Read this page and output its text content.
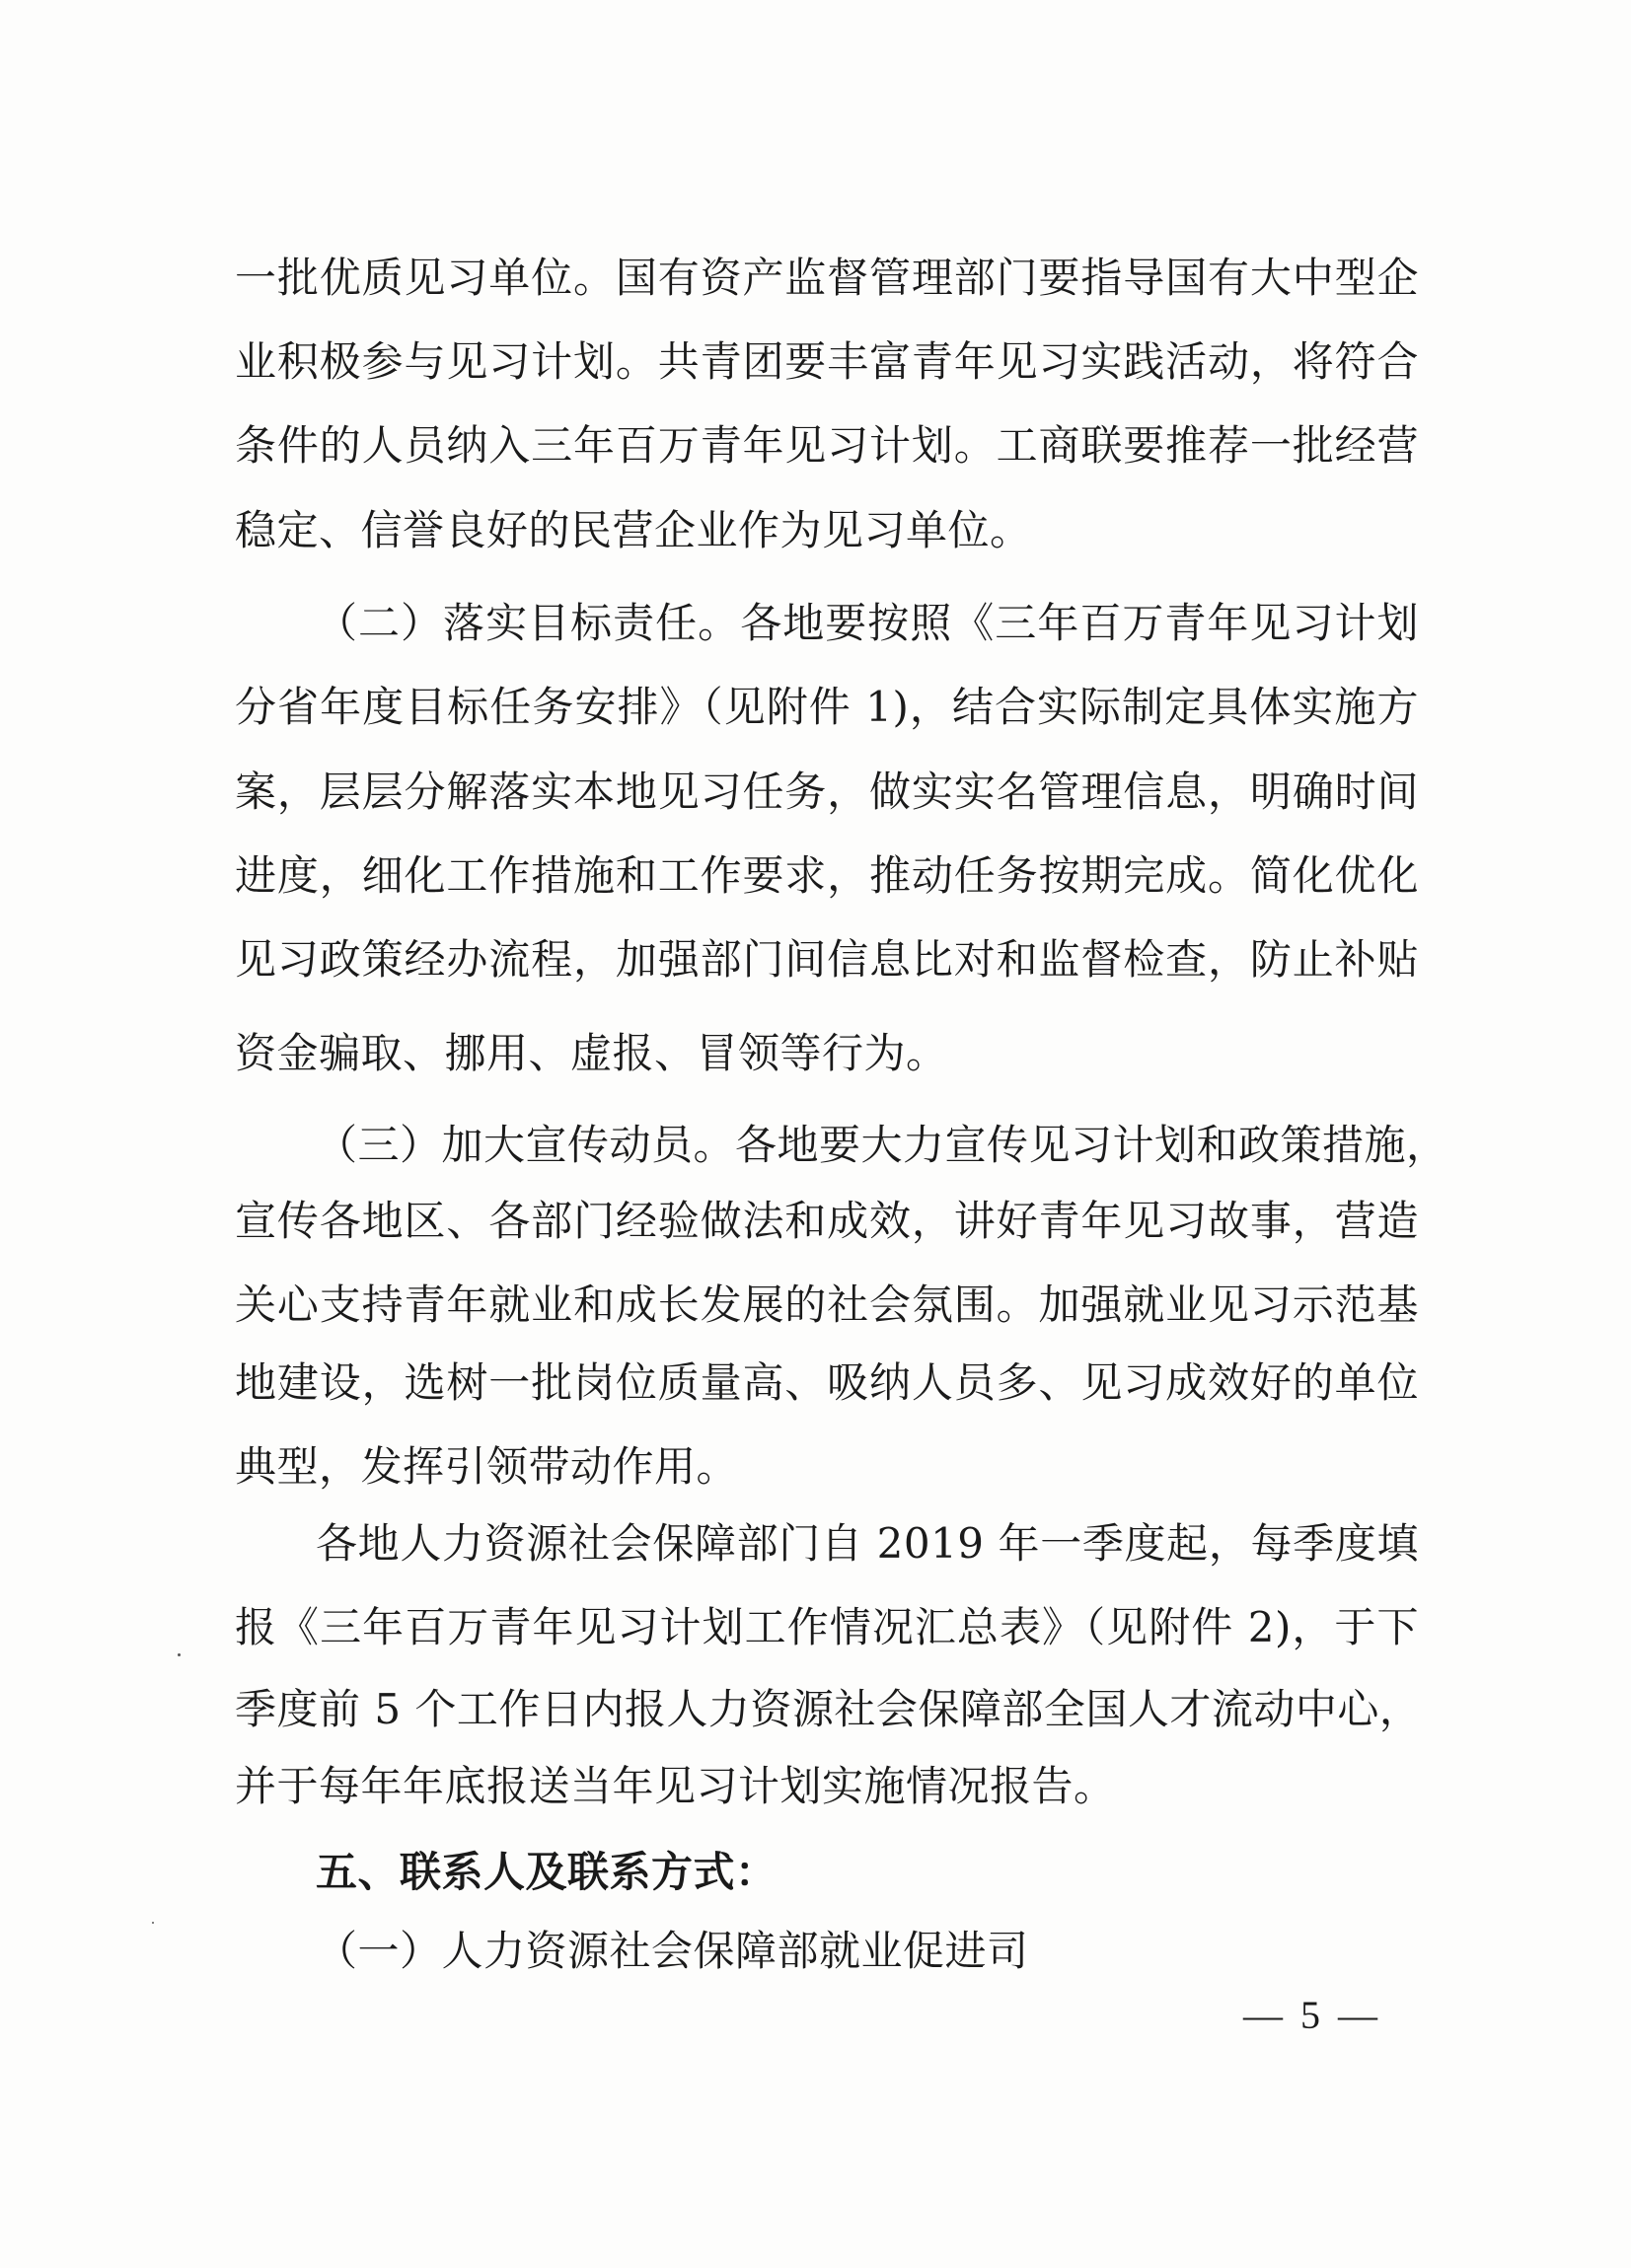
一批优质见习单位。国有资产监督管理部门要指导国有大中型企
业积极参与见习计划。共青团要丰富青年见习实践活动，将符合
条件的人员纳入三年百万青年见习计划。工商联要推荐一批经营
稳定、信誉良好的民营企业作为见习单位。
（二）落实目标责任。各地要按照《三年百万青年见习计划
分省年度目标任务安排》（见附件 1)，结合实际制定具体实施方
案，层层分解落实本地见习任务，做实实名管理信息，明确时间
进度，细化工作措施和工作要求，推动任务按期完成。简化优化
见习政策经办流程，加强部门间信息比对和监督检查，防止补贴
资金骗取、挪用、虚报、冒领等行为。
（三）加大宣传动员。各地要大力宣传见习计划和政策措施，
宣传各地区、各部门经验做法和成效，讲好青年见习故事，营造
关心支持青年就业和成长发展的社会氛围。加强就业见习示范基
地建设，选树一批岗位质量高、吸纳人员多、见习成效好的单位
典型，发挥引领带动作用。
各地人力资源社会保障部门自 2019 年一季度起，每季度填
报《三年百万青年见习计划工作情况汇总表》（见附件 2)，于下
季度前 5 个工作日内报人力资源社会保障部全国人才流动中心，
并于每年年底报送当年见习计划实施情况报告。
五、联系人及联系方式：
（一）人力资源社会保障部就业促进司
— 5 —
